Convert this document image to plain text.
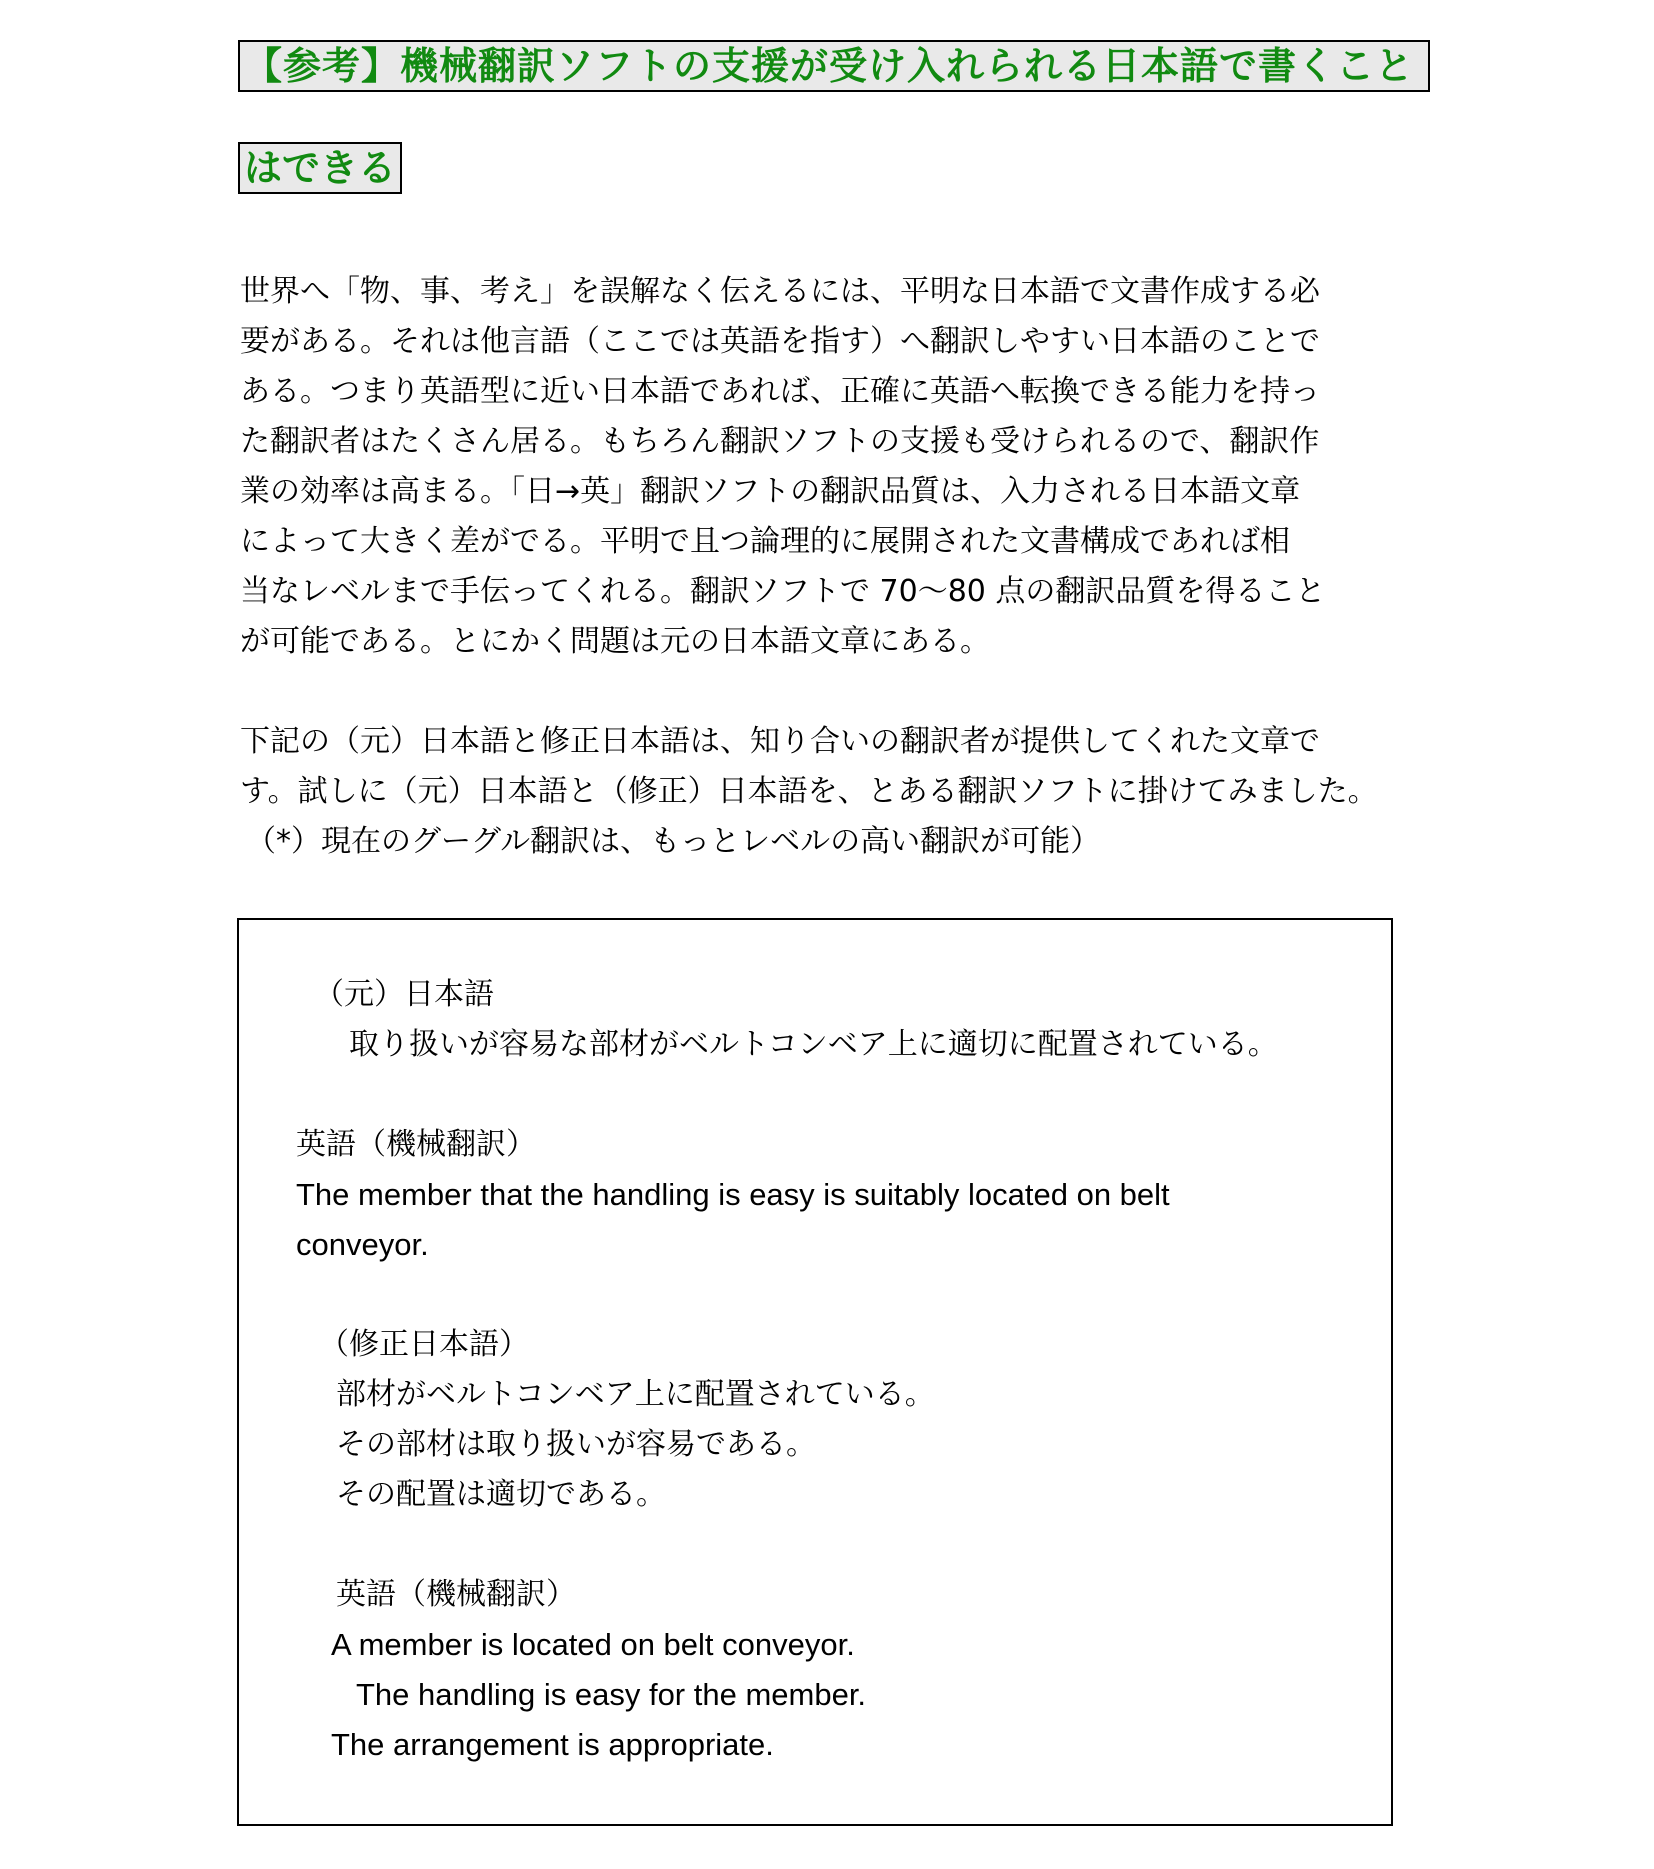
【参考】機械翻訳ソフトの支援が受け入れられる日本語で書くこと
はできる
世界へ「物、事、考え」を誤解なく伝えるには、平明な日本語で文書作成する必
要がある。それは他言語（ここでは英語を指す）へ翻訳しやすい日本語のことで
ある。つまり英語型に近い日本語であれば、正確に英語へ転換できる能力を持っ
た翻訳者はたくさん居る。もちろん翻訳ソフトの支援も受けられるので、翻訳作
業の効率は高まる。「日→英」翻訳ソフトの翻訳品質は、入力される日本語文章
によって大きく差がでる。平明で且つ論理的に展開された文書構成であれば相
当なレベルまで手伝ってくれる。翻訳ソフトで 70～80 点の翻訳品質を得ること
が可能である。とにかく問題は元の日本語文章にある。
下記の（元）日本語と修正日本語は、知り合いの翻訳者が提供してくれた文章で
す。試しに（元）日本語と（修正）日本語を、とある翻訳ソフトに掛けてみました。
（*）現在のグーグル翻訳は、もっとレベルの高い翻訳が可能）
（元）日本語
取り扱いが容易な部材がベルトコンベア上に適切に配置されている。
英語（機械翻訳）
The member that the handling is easy is suitably located on belt
conveyor.
（修正日本語）
部材がベルトコンベア上に配置されている。
その部材は取り扱いが容易である。
その配置は適切である。
英語（機械翻訳）
A member is located on belt conveyor.
The handling is easy for the member.
The arrangement is appropriate.
